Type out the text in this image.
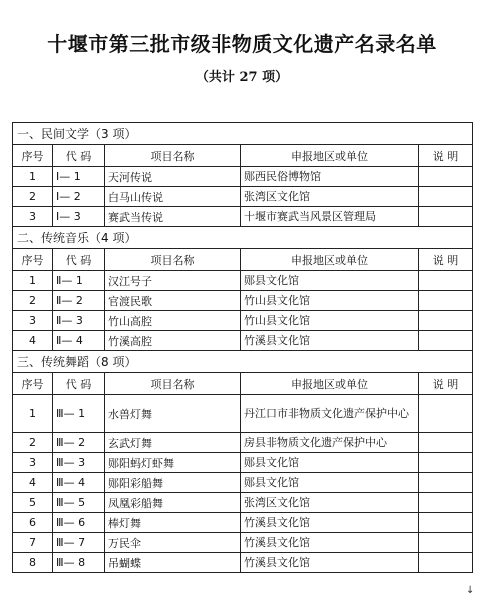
十堰市第三批市级非物质文化遗产名录名单
（共计 27 项）
一、民间文学（3 项）				
序号	代 码	项目名称	申报地区或单位	说 明
1	Ⅰ— 1	天河传说	郧西民俗博物馆	
2	Ⅰ— 2	白马山传说	张湾区文化馆	
3	Ⅰ— 3	赛武当传说	十堰市赛武当风景区管理局	
二、传统音乐（4 项）				
序号	代 码	项目名称	申报地区或单位	说 明
1	Ⅱ— 1	汉江号子	郧县文化馆	
2	Ⅱ— 2	官渡民歌	竹山县文化馆	
3	Ⅱ— 3	竹山高腔	竹山县文化馆	
4	Ⅱ— 4	竹溪高腔	竹溪县文化馆	
三、传统舞蹈（8 项）				
序号	代 码	项目名称	申报地区或单位	说 明
1	Ⅲ— 1	水兽灯舞	丹江口市非物质文化遗产保护中心	
2	Ⅲ— 2	玄武灯舞	房县非物质文化遗产保护中心	
3	Ⅲ— 3	郧阳蚂灯虾舞	郧县文化馆	
4	Ⅲ— 4	郧阳彩船舞	郧县文化馆	
5	Ⅲ— 5	凤凰彩船舞	张湾区文化馆	
6	Ⅲ— 6	棒灯舞	竹溪县文化馆	
7	Ⅲ— 7	万民伞	竹溪县文化馆	
8	Ⅲ— 8	吊蝴蝶	竹溪县文化馆	
↓
